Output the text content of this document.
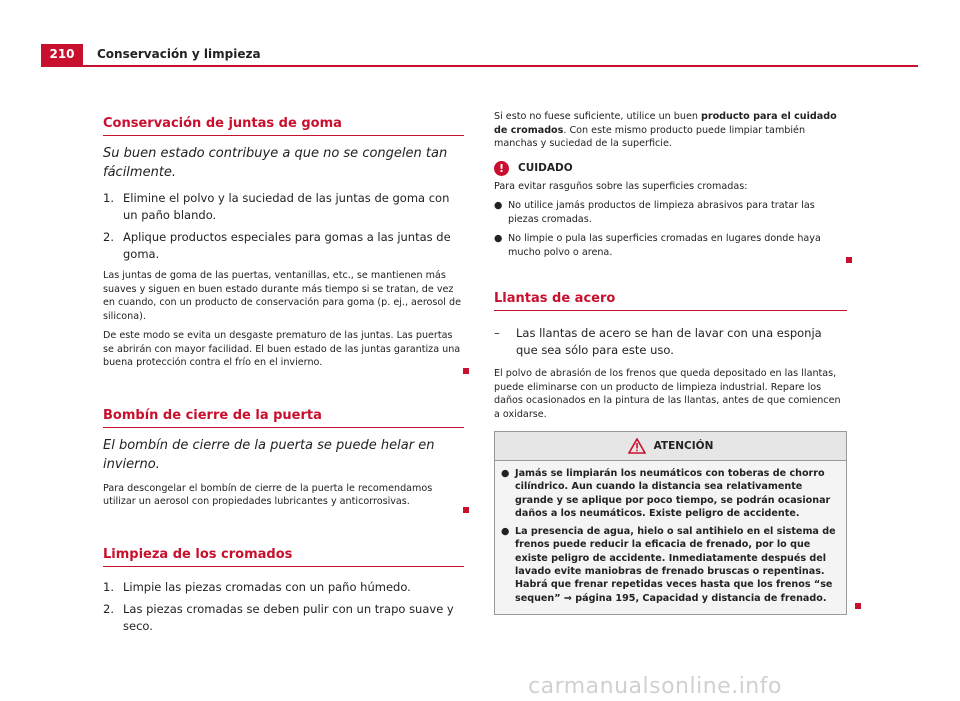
210	Conservación y limpieza
Conservación de juntas de goma

Su buen estado contribuye a que no se congelen tan fácilmente.

1. Elimine el polvo y la suciedad de las juntas de goma con un paño blando.
2. Aplique productos especiales para gomas a las juntas de goma.

Las juntas de goma de las puertas, ventanillas, etc., se mantienen más suaves y siguen en buen estado durante más tiempo si se tratan, de vez en cuando, con un producto de conservación para goma (p. ej., aerosol de silicona).

De este modo se evita un desgaste prematuro de las juntas. Las puertas se abrirán con mayor facilidad. El buen estado de las juntas garantiza una buena protección contra el frío en el invierno.

Bombín de cierre de la puerta

El bombín de cierre de la puerta se puede helar en invierno.

Para descongelar el bombín de cierre de la puerta le recomendamos utilizar un aerosol con propiedades lubricantes y anticorrosivas.

Limpieza de los cromados
1. Limpie las piezas cromadas con un paño húmedo.
2. Las piezas cromadas se deben pulir con un trapo suave y seco.

Si esto no fuese suficiente, utilice un buen producto para el cuidado de cromados. Con este mismo producto puede limpiar también manchas y suciedad de la superficie.

!	CUIDADO

Para evitar rasguños sobre las superficies cromadas:

● No utilice jamás productos de limpieza abrasivos para tratar las piezas cromadas.

● No limpie o pula las superficies cromadas en lugares donde haya mucho polvo o arena.

Llantas de acero
– Las llantas de acero se han de lavar con una esponja que sea sólo para este uso.

El polvo de abrasión de los frenos que queda depositado en las llantas, puede eliminarse con un producto de limpieza industrial. Repare los daños ocasionados en la pintura de las llantas, antes de que comiencen a oxidarse.

ATENCIÓN

● Jamás se limpiarán los neumáticos con toberas de chorro cilíndrico. Aun cuando la distancia sea relativamente grande y se aplique por poco tiempo, se podrán ocasionar daños a los neumáticos. Existe peligro de accidente.

● La presencia de agua, hielo o sal antihielo en el sistema de frenos puede reducir la eficacia de frenado, por lo que existe peligro de accidente. Inmediatamente después del lavado evite maniobras de frenado bruscas o repentinas. Habrá que frenar repetidas veces hasta que los frenos “se sequen” ⇒ página 195, Capacidad y distancia de frenado.

carmanualsonline.info
